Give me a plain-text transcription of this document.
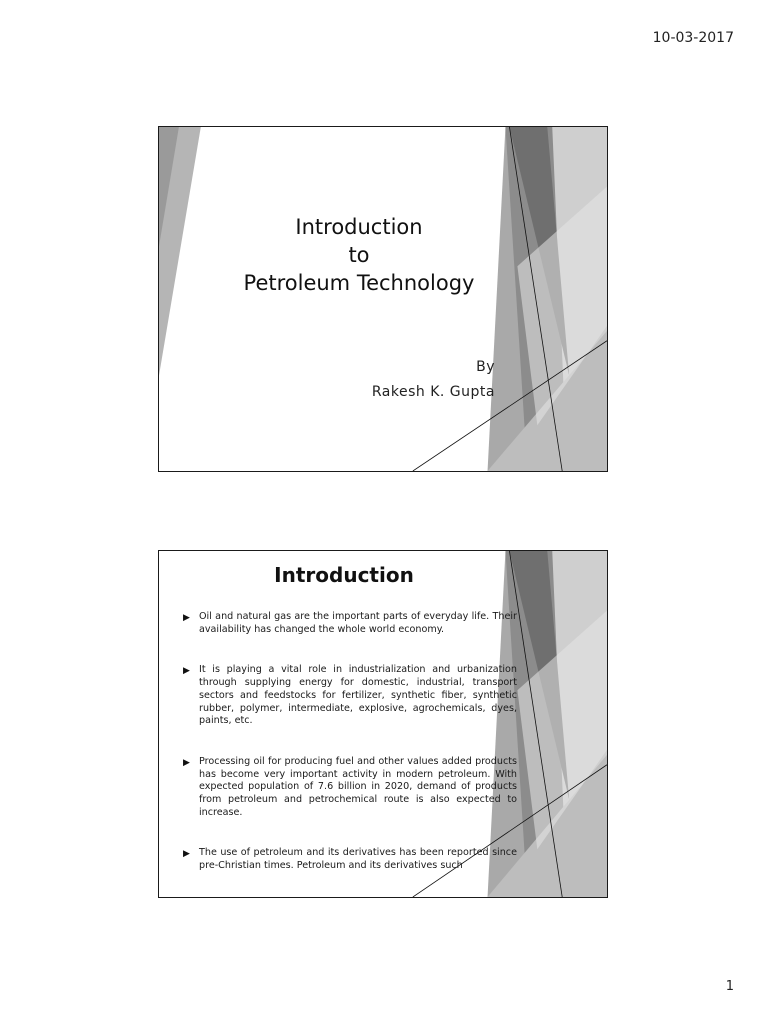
10-03-2017
Introduction
to
Petroleum Technology
By
Rakesh K. Gupta
Introduction
▶ Oil and natural gas are the important parts of everyday life. Their availability has changed the whole world economy.
▶ It is playing a vital role in industrialization and urbanization through supplying energy for domestic, industrial, transport sectors and feedstocks for fertilizer, synthetic fiber, synthetic rubber, polymer, intermediate, explosive, agrochemicals, dyes, paints, etc.
▶ Processing oil for producing fuel and other values added products has become very important activity in modern petroleum. With expected population of 7.6 billion in 2020, demand of products from petroleum and petrochemical route is also expected to increase.
▶ The use of petroleum and its derivatives has been reported since pre-Christian times. Petroleum and its derivatives such
1
